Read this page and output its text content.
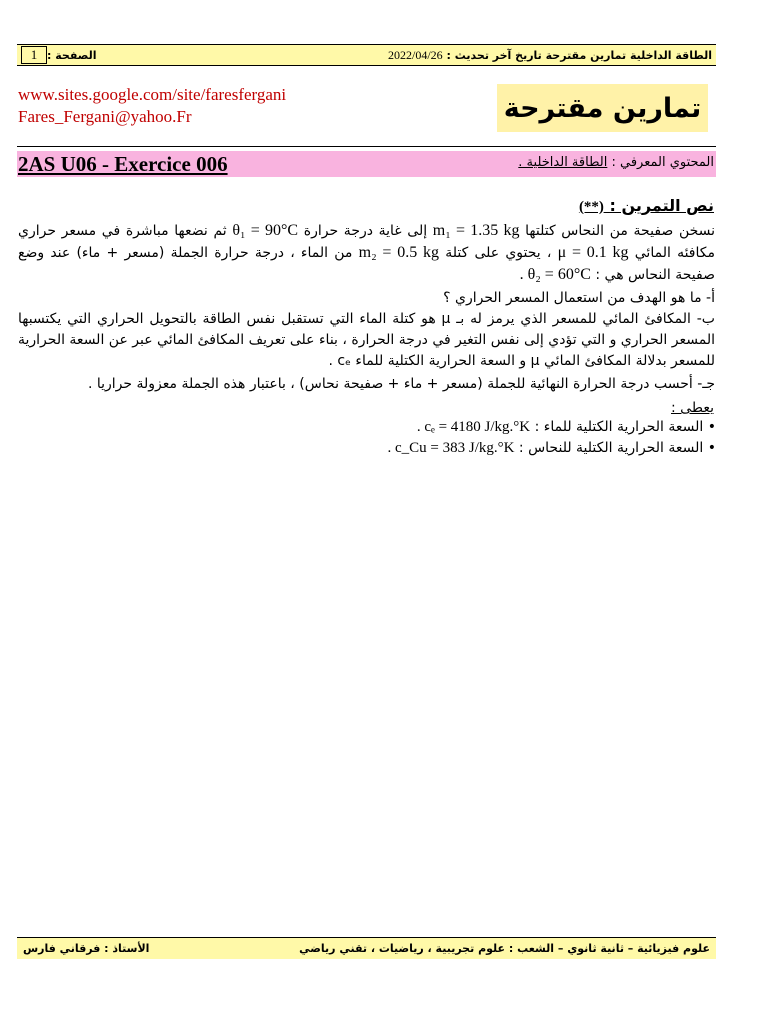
الصفحة :
1	الطاقة الداخلية تمارين مقترحة تاريخ آخر تحديث : 2022/04/26
www.sites.google.com/site/faresfergani
Fares_Fergani@yahoo.Fr	تمارين مقترحة
2AS U06 - Exercice 006	المحتوي المعرفي : الطاقة الداخلية .
نص التمرين : (**)
نسخن صفيحة من النحاس كتلتها m₁ = 1.35 kg إلى غاية درجة حرارة θ₁ = 90°C ثم نضعها مباشرة في مسعر حراري مكافئه المائي μ = 0.1 kg ، يحتوي على كتلة m₂ = 0.5 kg من الماء ، درجة حرارة الجملة (مسعر + ماء) عند وضع صفيحة النحاس هي : θ₂ = 60°C .
أ- ما هو الهدف من استعمال المسعر الحراري ؟
ب- المكافئ المائي للمسعر الذي يرمز له بـ μ هو كتلة الماء التي تستقبل نفس الطاقة بالتحويل الحراري التي يكتسبها المسعر الحراري و التي تؤدي إلى نفس التغير في درجة الحرارة ، بناء على تعريف المكافئ المائي عبر عن السعة الحرارية للمسعر بدلالة المكافئ المائي μ و السعة الحرارية الكتلية للماء cₑ .
جـ- أحسب درجة الحرارة النهائية للجملة (مسعر + ماء + صفيحة نحاس) ، باعتبار هذه الجملة معزولة حراريا .
يعطى :
• السعة الحرارية الكتلية للماء : cₑ = 4180 J/kg.°K .
• السعة الحرارية الكتلية للنحاس : c_Cu = 383 J/kg.°K .
الأستاذ : فرقاني فارس	علوم فيزيائية – ثانية ثانوي – الشعب : علوم تجريبية ، رياضيات ، تقني رياضي
